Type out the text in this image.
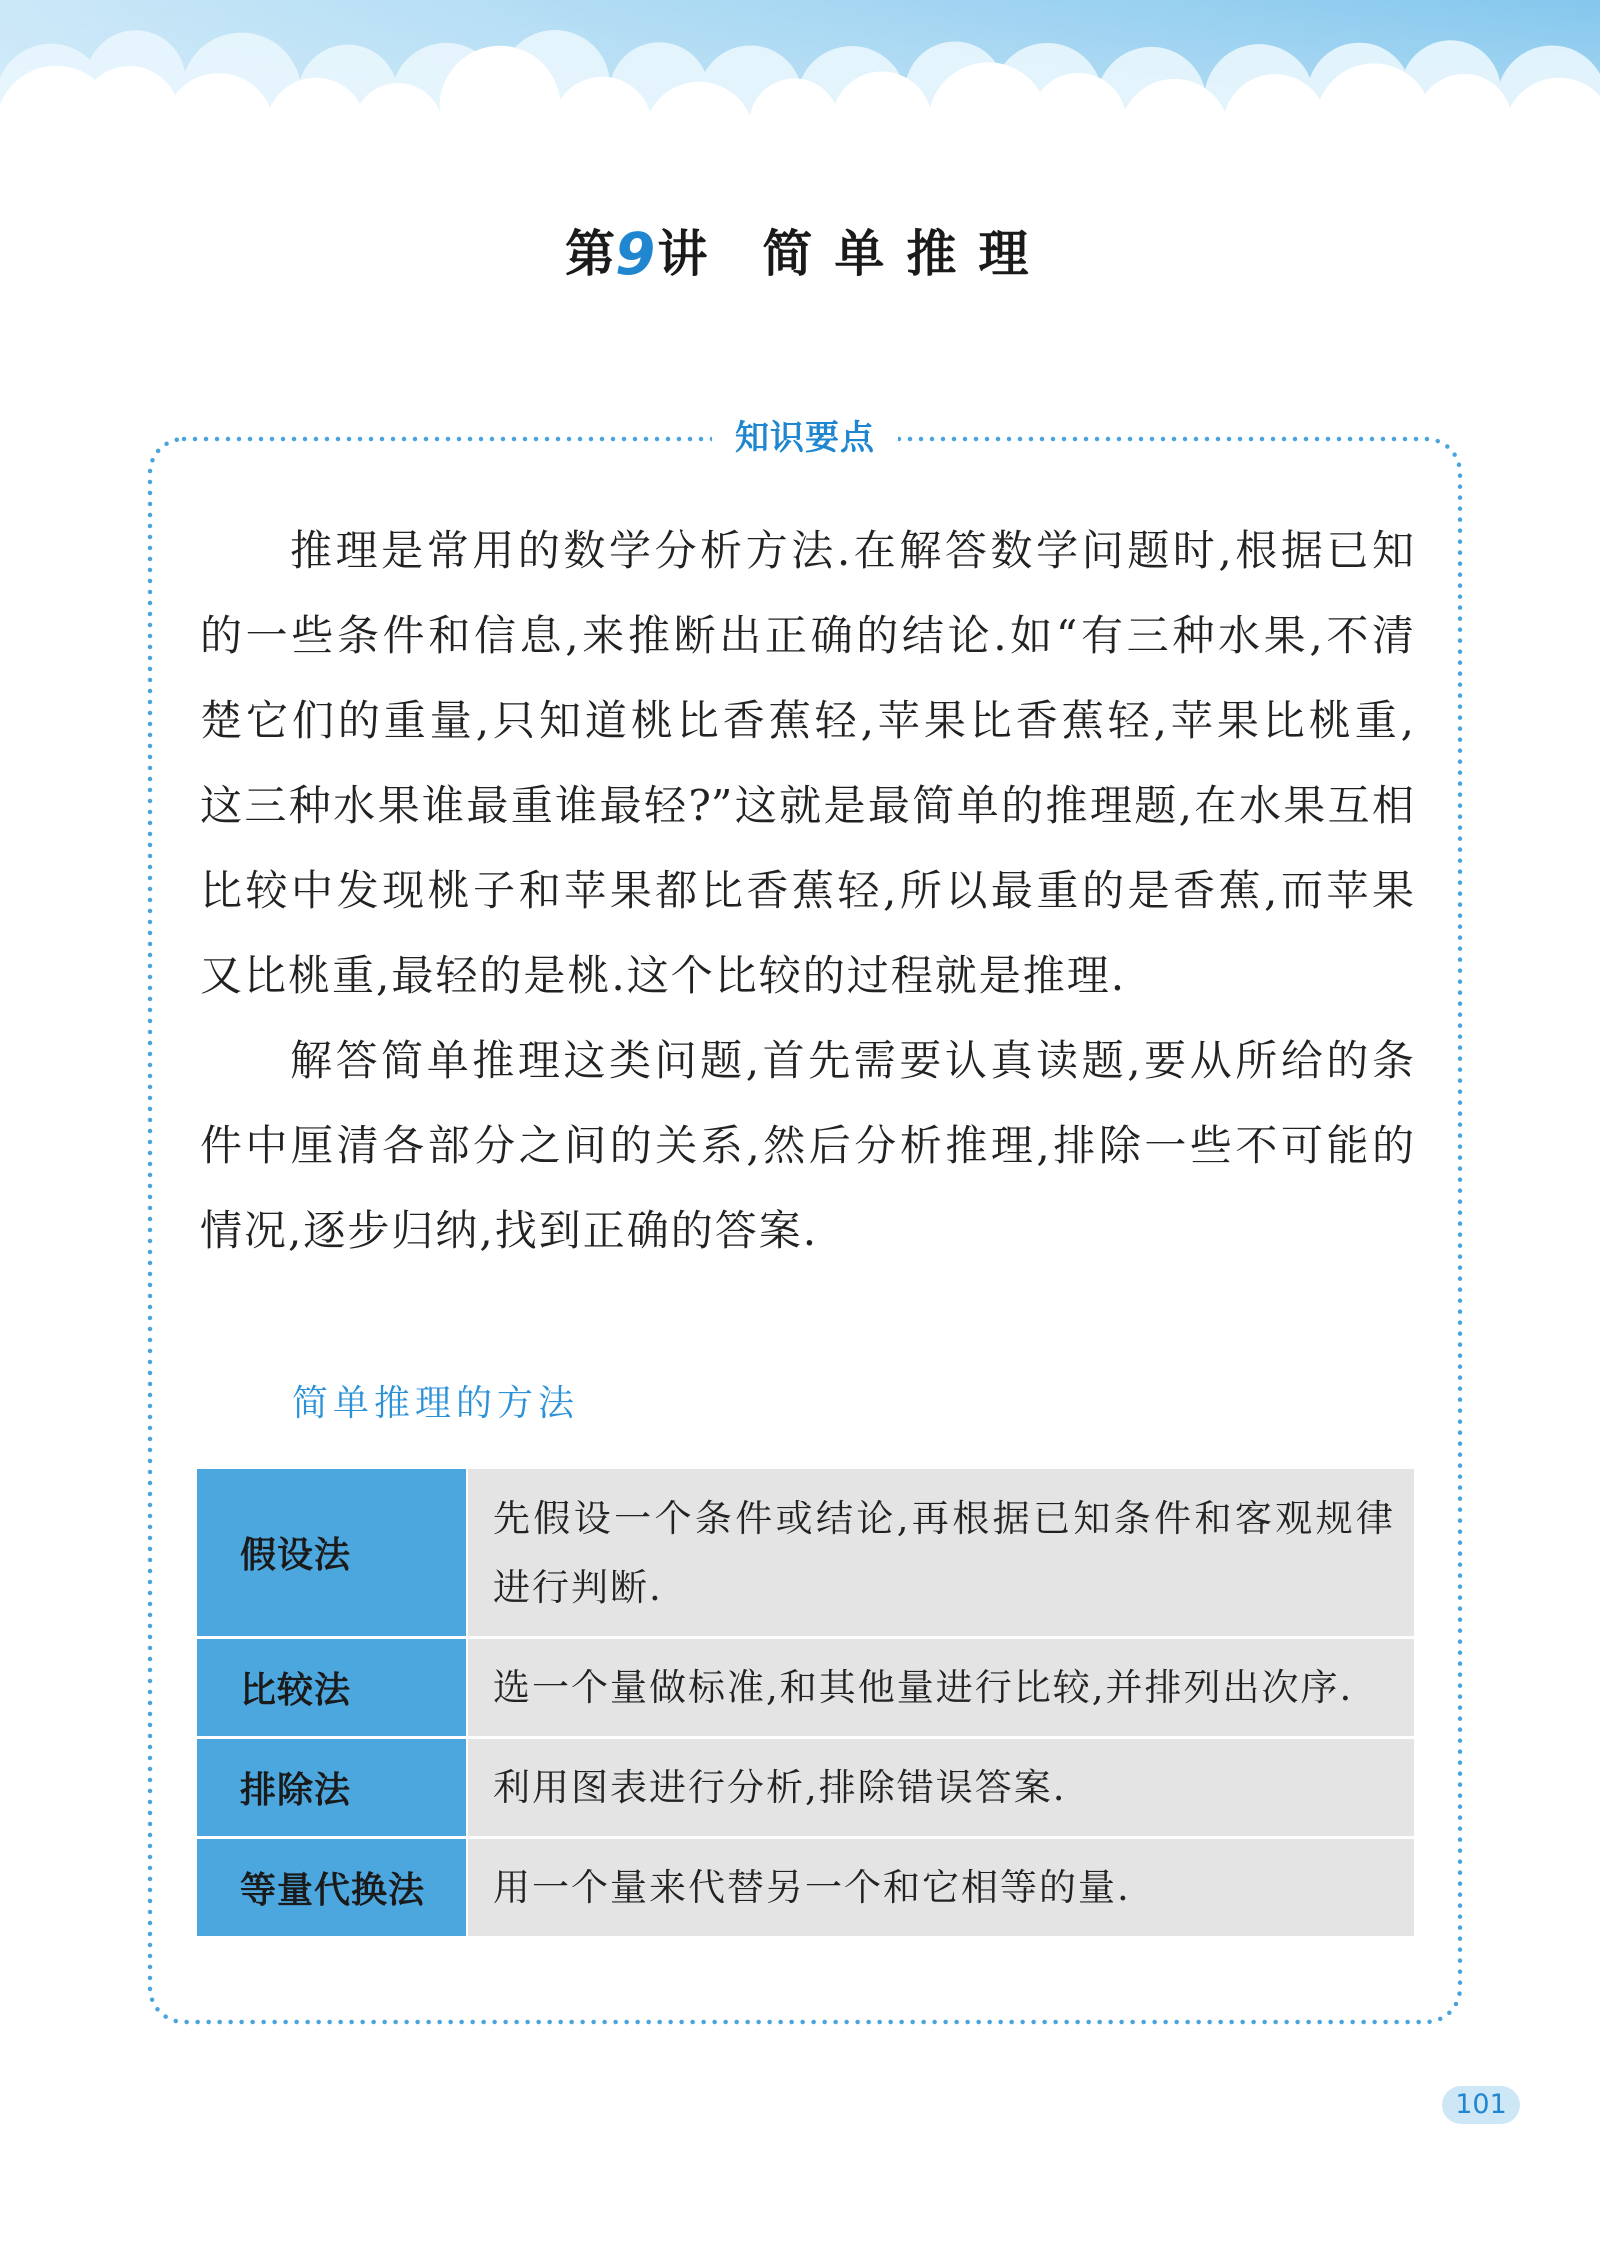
第 9 讲 简单推理
知识要点
推理是常用的数学分析方法.在解答数学问题时,根据已知
的一些条件和信息,来推断出正确的结论.如“有三种水果,不清
楚它们的重量,只知道桃比香蕉轻,苹果比香蕉轻,苹果比桃重,
这三种水果谁最重谁最轻?”这就是最简单的推理题,在水果互相
比较中发现桃子和苹果都比香蕉轻,所以最重的是香蕉,而苹果
又比桃重,最轻的是桃.这个比较的过程就是推理.
解答简单推理这类问题,首先需要认真读题,要从所给的条
件中厘清各部分之间的关系,然后分析推理,排除一些不可能的
情况,逐步归纳,找到正确的答案.
简单推理的方法
假设法
先假设一个条件或结论,再根据已知条件和客观规律
进行判断.
比较法	选一个量做标准,和其他量进行比较,并排列出次序.
排除法	利用图表进行分析,排除错误答案.
等量代换法 用一个量来代替另一个和它相等的量.
101
